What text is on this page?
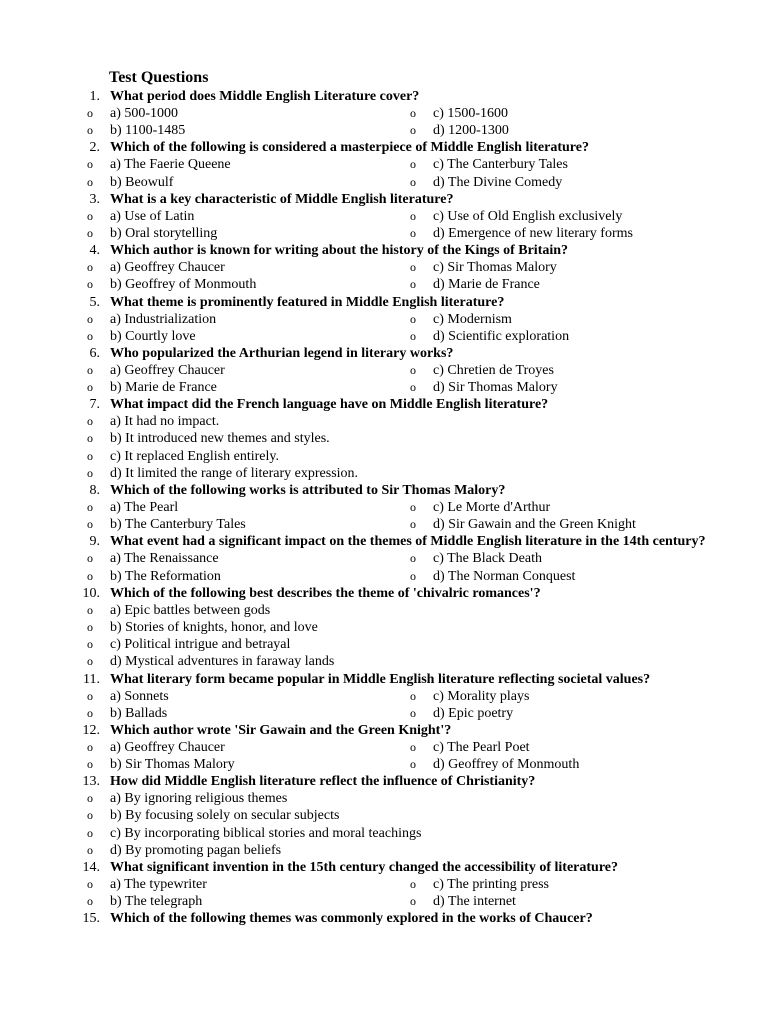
Test Questions
1. What period does Middle English Literature cover?
o a) 500-1000	o c) 1500-1600
o b) 1100-1485	o d) 1200-1300
2. Which of the following is considered a masterpiece of Middle English literature?
o a) The Faerie Queene	o c) The Canterbury Tales
o b) Beowulf	o d) The Divine Comedy
3. What is a key characteristic of Middle English literature?
o a) Use of Latin	o c) Use of Old English exclusively
o b) Oral storytelling	o d) Emergence of new literary forms
4. Which author is known for writing about the history of the Kings of Britain?
o a) Geoffrey Chaucer	o c) Sir Thomas Malory
o b) Geoffrey of Monmouth	o d) Marie de France
5. What theme is prominently featured in Middle English literature?
o a) Industrialization	o c) Modernism
o b) Courtly love	o d) Scientific exploration
6. Who popularized the Arthurian legend in literary works?
o a) Geoffrey Chaucer	o c) Chretien de Troyes
o b) Marie de France	o d) Sir Thomas Malory
7. What impact did the French language have on Middle English literature?
o a) It had no impact.
o b) It introduced new themes and styles.
o c) It replaced English entirely.
o d) It limited the range of literary expression.
8. Which of the following works is attributed to Sir Thomas Malory?
o a) The Pearl	o c) Le Morte d'Arthur
o b) The Canterbury Tales	o d) Sir Gawain and the Green Knight
9. What event had a significant impact on the themes of Middle English literature in the 14th century?
o a) The Renaissance	o c) The Black Death
o b) The Reformation	o d) The Norman Conquest
10. Which of the following best describes the theme of 'chivalric romances'?
o a) Epic battles between gods
o b) Stories of knights, honor, and love
o c) Political intrigue and betrayal
o d) Mystical adventures in faraway lands
11. What literary form became popular in Middle English literature reflecting societal values?
o a) Sonnets	o c) Morality plays
o b) Ballads	o d) Epic poetry
12. Which author wrote 'Sir Gawain and the Green Knight'?
o a) Geoffrey Chaucer	o c) The Pearl Poet
o b) Sir Thomas Malory	o d) Geoffrey of Monmouth
13. How did Middle English literature reflect the influence of Christianity?
o a) By ignoring religious themes
o b) By focusing solely on secular subjects
o c) By incorporating biblical stories and moral teachings
o d) By promoting pagan beliefs
14. What significant invention in the 15th century changed the accessibility of literature?
o a) The typewriter	o c) The printing press
o b) The telegraph	o d) The internet
15. Which of the following themes was commonly explored in the works of Chaucer?
